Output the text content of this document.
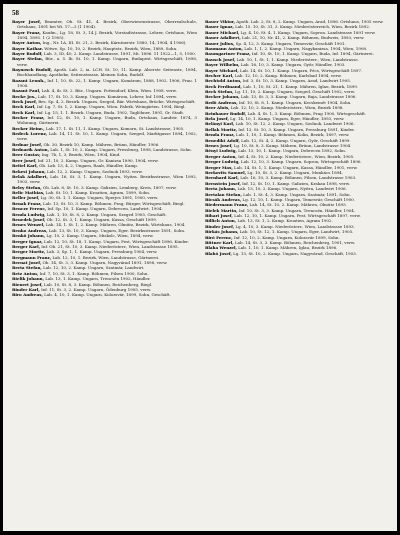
58
Bayer Josef, Beamter, Ob. St. 41, 4. Bezirk, Oberwiesenstrasse, Oberrealschule, Ortshaus, 1891 bei Wi. 17—3 (1 1904).
Bayer Franz, Kaufm., Lg. 18, St. 3, 14 J. Bezirk, Vorstadtstrasse, Lehrer, Ortshaus, Wien 1894, 1895. 1 (2 1905).
Bayer Anton, Ing., Nr. 1A, III. St. 21, 2. Bezirk, Kärntnerstr. 1880, 14, 1904, 4 1906).
Bayer Kathar. Witwe, Sp. 10, 10, 2. Bezirk, Hauptstr., Bezirk, Wien, 1889, Sohn.
Bayer Rudolf, Lab. 3, ID, 40, 2. Kamp. Landstrasse, 1891, Mi. 1896. 11 1922—1, 5, 1950.
Bayer Stefan, Bür., a. 5. Ib. St. 10, 1. Kamp. Ungarn, Budapest. Wirtsgeschäft, 1898, verw.
Baynosch Rudolf, Apoth. Lab. 2, ia. LCH. St. 10, 11. Kamp. Alserstr. Seitenstr., 1894, Buchhandlung, Apotheke, Seitenstrasse, kleinen Sohn, Rudolf.
Bazant Leonh., Inf. 1, 10, St. 22, 1. Kamp. Ungarn, Komárom, 1888, 1902. 1906, Frau. 1 1908.
Bazant Paul, Lab. 4, ib. St. 2. Bür., Ungarn. Pottendorf, Klein, Wien. 1908. verw.
Becke Jos., Lab. 17, St. 10, 3. Kamp. Ungarn. Komárom, Lehrer, Inf. 1894, verw.
Beck Josef, Bes. Sp. 4, 2. Bezirk. Ungarn, Szeged, Bär. Wirtshaus, Brücke. Wirtsgeschäft.
Beck Karl, Inf. Lg. 7, St. 1, 2. Kamp. Ungarn, Wien. Fabrik, Weingärten. 1904, Biegl.
Beck Karl, Inf. Lg. 15, 1. 1. Bezirk. Ungarn, Buda. 1902, Taglöhner, 1891, Gr. Stadt.
Becker Franz, Inf. 12, St. 10, 1. Kamp. Ungarn, Buda, Ortshaus, Landstr. 1874, 3 Wohnung, Gärtnerei.
Becker Heinr., Lab. 17, 1. St. 11, 1. Kamp. Ungarn, Komorn, St. Landstrasse, 1905.
Bedeck Lorenz, Lab. 14, 11. St. 10, 1. Kamp. Ungarn, Szeged, Marktgasse 1894, 1902, verw.
Bednar Josef, Ob. 30, Bezirk 10, Kamp. Mähren, Brünn, Händler, 1906.
Bednarik Anton, Lab. 1, St. 10, 2. Kamp. Ungarn, Pressburg, 1898, Landstrasse, Sohn.
Beer Gustav, Ing. 7b, 1, 3, Bezirk, Wien, 1904, Kind.
Beer Josef, Inf. 21, 10, 2. Kamp. Ungarn, Gr. Kanizsa 1890, 1904, verw.
Beitel Karl, Ob. Lab. 13, 4, 2, Ungarn, Raab, Händler, Kamp.
Bekesi Johann, Lab. 12, 2. Kamp. Ungarn, Szolnok 1893, verw.
Belak Adalbert, Lab. 16, St. 3, 1. Kamp. Ungarn, Nyitra. Bezirksstrasse, Wien 1892, 1903, verw.
Beley Stefan, Ob. Lab. 8, St. 10, 3. Kamp. Galizien, Lemberg, Kreis, 1897, verw.
Belic Mathias, Lab. St. 10, 1. Kamp. Kroatien, Agram, 1899, Sohn.
Beller Josef, Lg. 30, St. 1, 1. Kamp. Ungarn, Eperjes 1891, 1900, verw.
Benak Franz, Lab. 13, St. 10, 3. Kamp. Böhmen, Prag, Bürger, Wirtsgeschäft, Biegl.
Bencze Ferenc, Inf. Sp. 10, 1. Kamp. Ungarn, Debrecen, Landwirt, 1904.
Benda Ludwig, Lab. 1, 10, St. 8, 2. Kamp. Ungarn, Szeged 1905, Geschäft.
Benedek Josef, Ob. 12, St. 3, 1. Kamp. Ungarn, Kassa, Geschäft 1899.
Benes Wenzel, Lab. 14, 1. St. 1, 2. Kamp. Mähren, Olmütz, Bezirk, Wirtshaus, 1904.
Benko Andreas, Lab. 13, St. 10, 3. Kamp. Ungarn, Eger. Bezirksstrasse 1891, Sohn.
Benkö Johann, Lg. 10, 2. Kamp. Ungarn, Miskolc, Wien, 1894, verw.
Berger Ignaz, Lab. 12, 10, St. 18, 1. Kamp. Ungarn, Pest, Wirtsgeschäft 1896, Kinder.
Berger Karl, Inf. Ob. 21, St. 10, 3. Kamp. Niederösterr., Wien, Landstrasse 1895.
Berger Moritz, Lab. 3, Sp. 1, 1. Kamp. Ungarn, Pressburg 1904, verw.
Bergmann Franz, Lab. 12, 10, 1. Bezirk, Wien, Landstrasse, Gärtnerei.
Bernat Josef, Ob. 14, St. 3, 3. Kamp. Ungarn, Nagyvárad 1891, 1898, verw.
Berta Stefan, Lab. 12, 10, 2. Kamp. Ungarn, Szatmár, Landwirt.
Betz Anton, Inf. 7, 10, St. 3, 1. Kamp. Böhmen, Pilsen 1900, Sohn.
Bielik Johann, Lab. 13, 1. Kamp. Ungarn, Trencsén 1902, Händler.
Bienert Josef, Lab. 10, St. 8, 3. Kamp. Böhmen, Reichenberg, Biegl.
Binder Karl, Inf. 11, St. 3, 2. Kamp. Ungarn, Ödenburg 1905, verw.
Biro Andreas, Lab. 4, 10, 1. Kamp. Ungarn, Kolozsvár, 1899, Sohn, Geschäft.
Bauer Viktor, Apoth. Lab. 2, St. 8, 2. Kamp. Ungarn, Arad, 1896. Ortshaus, 1905 verw.
Bauer Ignaz, Lab. 15. 10, St. 31, 3. Kamp. Niederösterreich, Wien, Bezirk 1892.
Bauer Michael, Lg. 4, 10, St. 4, 1. Kamp. Ungarn, Sopron. Landstrasse 1891 verw.
Bauer Adalbert, Lab. 21, 10, Nr. 41, 2. Kamp. Böhmen, Budweis, 1893, verw.
Bauer Julius, Sp. 4, 12, 3. Kamp. Ungarn, Temesvár, Geschäft 1901.
Baumann Anton, Lab. 1, 1, 2. Kamp. Ungarn, Nagykanizsa, 1904, Wien, 1908.
Baumgartner Franz, Inf. 10, St. 10, 1. Kamp. Ungarn, Buda, Inf. 1894, Gärtnerei.
Bausch Josef, Lab. 10, 1, St. 1, 1. Kamp. Niederösterr., Wien, Landstrasse.
Bayer Wilhelm, Lab. 16, 10, 3. Kamp. Ungarn, Győr, Händler, 1903.
Bayer Michael, Lab. 14, St. 10, 1. Kamp. Ungarn, Pécs, Wirtsgeschäft 1897.
Becher Karl, Lab. 12, 10, 2. Kamp. Böhmen, Karlsbad 1894, verw.
Bechtold Anton, Inf. 3, St. 10, 3. Kamp. Ungarn, Arad, Landwirt 1905.
Beck Ferdinand, Lab. 1, 10, St. 21, 1. Kamp. Mähren, Iglau, Bezirk, 1899.
Beck Stefan, Lg. 11, 10, 2. Kamp. Ungarn, Szeged, Geschäft 1902, verw.
Becker Johann, Lab. 13, St. 3, 3. Kamp. Ungarn, Baja, Landstrasse 1896.
Bedö Andreas, Inf. 10, St. 8, 1. Kamp. Ungarn, Kecskemét 1904, Sohn.
Beer Alois, Lab. 12, 10, 2. Kamp. Niederösterr., Wien, Bezirk 1898.
Beinhauer Rudolf, Lab. 4, St. 1, 3. Kamp. Böhmen, Prag 1900, Wirtsgeschäft.
Bela Josef, Lg. 14, 10, 1. Kamp. Ungarn, Eger, Händler, 1893, verw.
Belányi Karl, Lab. 10, St. 12, 2. Kamp. Ungarn, Szolnok, Landwirt 1906.
Bellak Moritz, Inf. 13, St. 10, 3. Kamp. Ungarn, Pressburg 1891, Kinder.
Benda Franz, Lab. 1, 10, 1. Kamp. Böhmen, Kolin, Bezirk, 1897, verw.
Benedikt Adolf, Lab. 12, St. 4, 2. Kamp. Ungarn, Győr, Geschäft 1899.
Benes Josef, Lg. 10, St. 8, 3. Kamp. Mähren, Brünn, Landstrasse 1904.
Bényi Ludwig, Lab. 13, 10, 1. Kamp. Ungarn, Debrecen 1892, Sohn.
Berger Anton, Inf. 4, St. 10, 2. Kamp. Niederösterr., Wien, Bezirk, 1905.
Berger Ludwig, Lab. 12, 10, 3. Kamp. Ungarn, Sopron, Wirtsgeschäft 1896.
Berger Max, Lab. 14, St. 1, 1. Kamp. Ungarn, Kassa, Händler, 1901, verw.
Berkovits Samuel, Lg. 10, St. 3, 2. Kamp. Ungarn, Munkács 1894.
Bernhard Karl, Lab. 16, 10, 3. Kamp. Böhmen, Pilsen, Landstrasse 1903.
Bernstein Josef, Inf. 12, St. 10, 1. Kamp. Galizien, Krakau 1898, verw.
Berta Johann, Lab. 13, 10, 2. Kamp. Ungarn, Nyitra, Landwirt 1906.
Bertalan Stefan, Lab. 1, St. 4, 3. Kamp. Ungarn, Szatmár, 1891, Sohn.
Bicsák Andreas, Lg. 12, 10, 1. Kamp. Ungarn, Temesvár, Geschäft 1900.
Biedermann Franz, Lab. 14, St. 10, 2. Kamp. Mähren, Olmütz 1895.
Bielek Martin, Inf. 10, St. 3, 3. Kamp. Ungarn, Trencsén, Händler, 1904.
Bihari Josef, Lab. 12, 10, 1. Kamp. Ungarn, Pest, Wirtsgeschäft 1897, verw.
Billich Anton, Lab. 13, St. 1, 2. Kamp. Kroatien, Agram 1902.
Binder Josef, Lg. 4, 10, 3. Kamp. Niederösterr., Wien, Landstrasse 1893.
Birkás Johann, Lab. 10, St. 12, 1. Kamp. Ungarn, Eger, Landwirt, 1905.
Biró Ferenc, Inf. 12, 10, 2. Kamp. Ungarn, Kolozsvár 1899, Sohn.
Bittner Karl, Lab. 14, St. 3, 3. Kamp. Böhmen, Reichenberg, 1901, verw.
Blaha Wenzel, Lab. 1, 10, 1. Kamp. Mähren, Iglau, Bezirk 1896.
Blahó Josef, Lg. 13, St. 10, 2. Kamp. Ungarn, Nagyvárad, Geschäft, 1903.
